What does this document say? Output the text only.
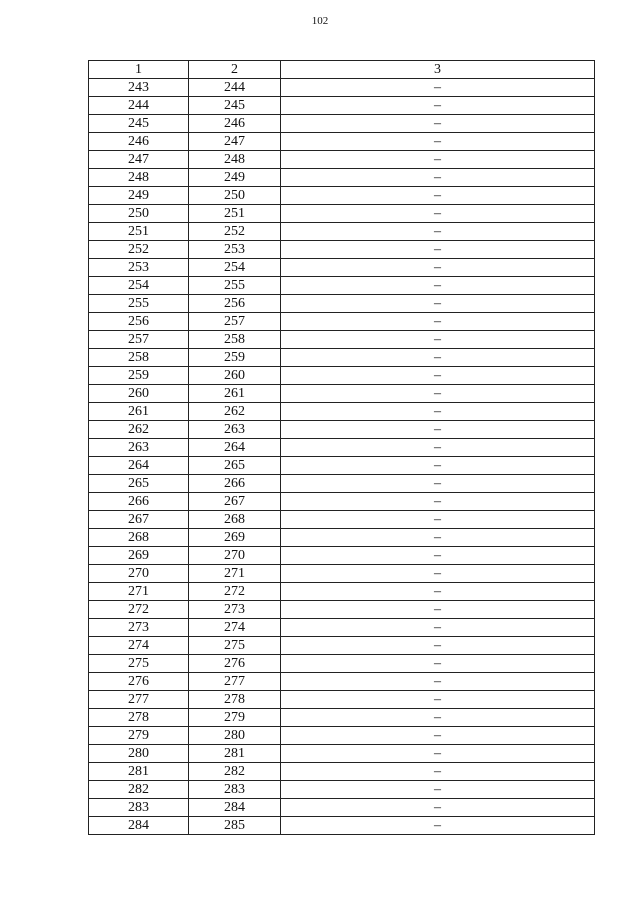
102
1	2	3
243	244	–
244	245	–
245	246	–
246	247	–
247	248	–
248	249	–
249	250	–
250	251	–
251	252	–
252	253	–
253	254	–
254	255	–
255	256	–
256	257	–
257	258	–
258	259	–
259	260	–
260	261	–
261	262	–
262	263	–
263	264	–
264	265	–
265	266	–
266	267	–
267	268	–
268	269	–
269	270	–
270	271	–
271	272	–
272	273	–
273	274	–
274	275	–
275	276	–
276	277	–
277	278	–
278	279	–
279	280	–
280	281	–
281	282	–
282	283	–
283	284	–
284	285	–
